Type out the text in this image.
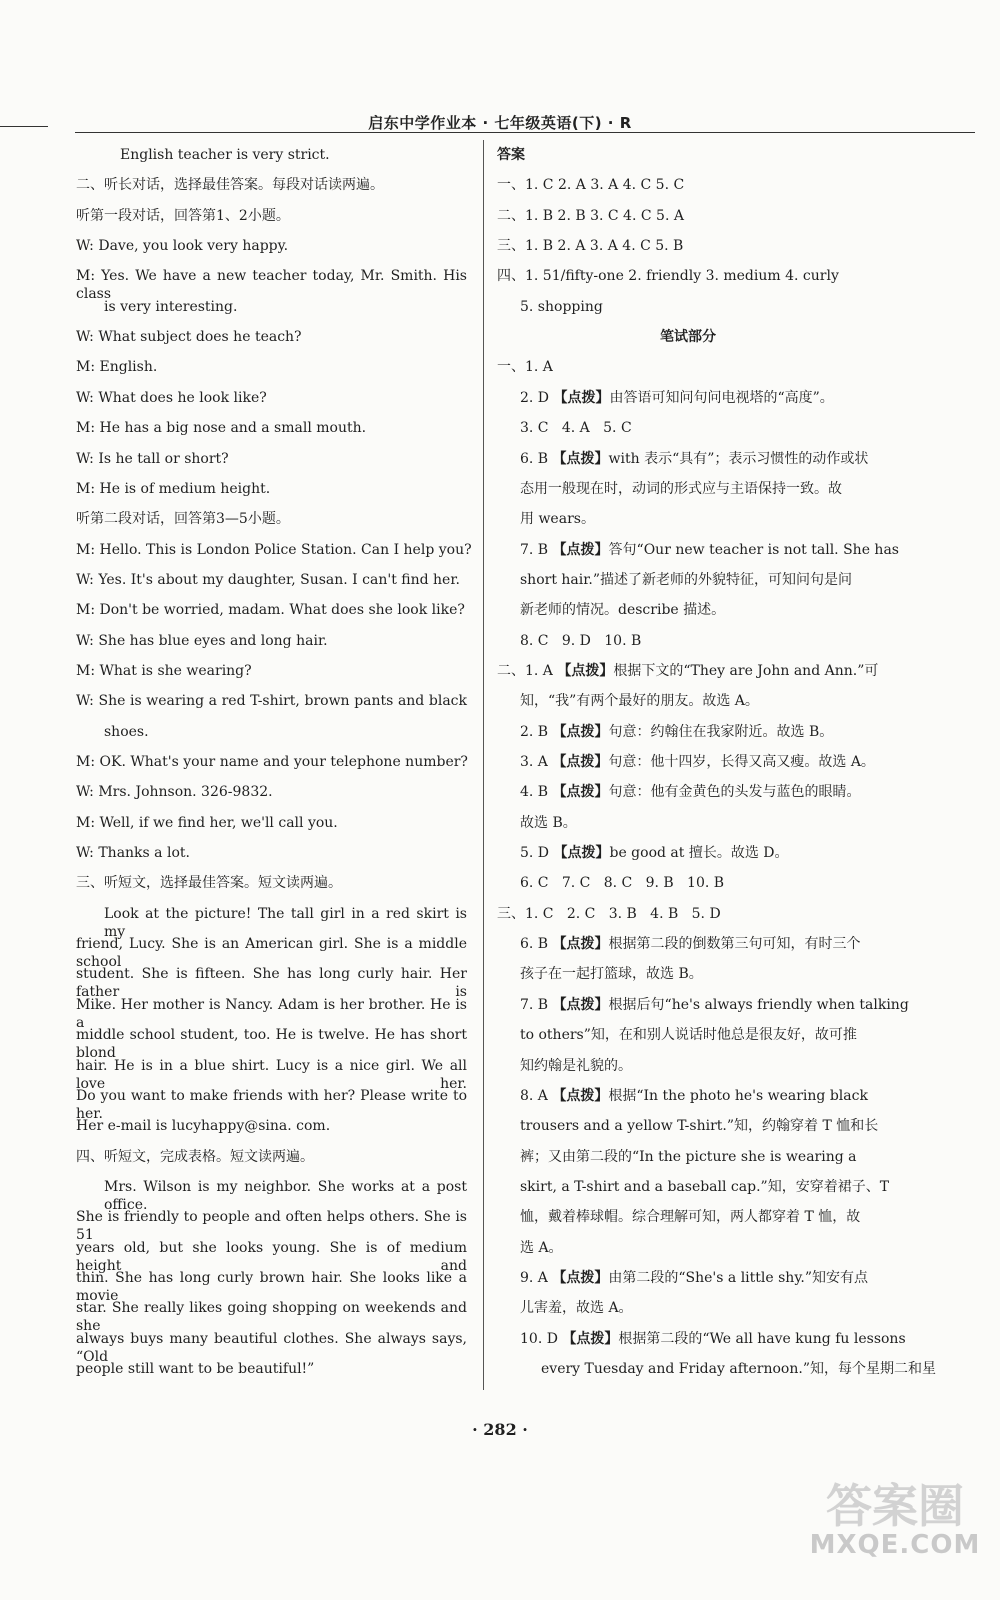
启东中学作业本 · 七年级英语(下) · R
English teacher is very strict.
二、听长对话，选择最佳答案。每段对话读两遍。
听第一段对话，回答第1、2小题。
W: Dave, you look very happy.
M: Yes. We have a new teacher today, Mr. Smith. His class
is very interesting.
W: What subject does he teach?
M: English.
W: What does he look like?
M: He has a big nose and a small mouth.
W: Is he tall or short?
M: He is of medium height.
听第二段对话，回答第3—5小题。
M: Hello. This is London Police Station. Can I help you?
W: Yes. It's about my daughter, Susan. I can't find her.
M: Don't be worried, madam. What does she look like?
W: She has blue eyes and long hair.
M: What is she wearing?
W: She is wearing a red T-shirt, brown pants and black
shoes.
M: OK. What's your name and your telephone number?
W: Mrs. Johnson. 326-9832.
M: Well, if we find her, we'll call you.
W: Thanks a lot.
三、听短文，选择最佳答案。短文读两遍。
Look at the picture! The tall girl in a red skirt is my
friend, Lucy. She is an American girl. She is a middle school
student. She is fifteen. She has long curly hair. Her father is
Mike. Her mother is Nancy. Adam is her brother. He is a
middle school student, too. He is twelve. He has short blond
hair. He is in a blue shirt. Lucy is a nice girl. We all love her.
Do you want to make friends with her? Please write to her.
Her e-mail is lucyhappy@sina. com.
四、听短文，完成表格。短文读两遍。
Mrs. Wilson is my neighbor. She works at a post office.
She is friendly to people and often helps others. She is 51
years old, but she looks young. She is of medium height and
thin. She has long curly brown hair. She looks like a movie
star. She really likes going shopping on weekends and she
always buys many beautiful clothes. She always says, “Old
people still want to be beautiful!”
答案
一、1. C 2. A 3. A 4. C 5. C
二、1. B 2. B 3. C 4. C 5. A
三、1. B 2. A 3. A 4. C 5. B
四、1. 51/fifty-one 2. friendly 3. medium 4. curly
5. shopping
笔试部分
一、1. A
2. D 【点拨】由答语可知问句问电视塔的“高度”。
3. C   4. A   5. C
6. B 【点拨】with 表示“具有”；表示习惯性的动作或状
态用一般现在时，动词的形式应与主语保持一致。故
用 wears。
7. B 【点拨】答句“Our new teacher is not tall. She has
short hair.”描述了新老师的外貌特征，可知问句是问
新老师的情况。describe 描述。
8. C   9. D   10. B
二、1. A 【点拨】根据下文的“They are John and Ann.”可
知，“我”有两个最好的朋友。故选 A。
2. B 【点拨】句意：约翰住在我家附近。故选 B。
3. A 【点拨】句意：他十四岁，长得又高又瘦。故选 A。
4. B 【点拨】句意：他有金黄色的头发与蓝色的眼睛。
故选 B。
5. D 【点拨】be good at 擅长。故选 D。
6. C   7. C   8. C   9. B   10. B
三、1. C   2. C   3. B   4. B   5. D
6. B 【点拨】根据第二段的倒数第三句可知，有时三个
孩子在一起打篮球，故选 B。
7. B 【点拨】根据后句“he's always friendly when talking
to others”知，在和别人说话时他总是很友好，故可推
知约翰是礼貌的。
8. A 【点拨】根据“In the photo he's wearing black
trousers and a yellow T-shirt.”知，约翰穿着 T 恤和长
裤；又由第二段的“In the picture she is wearing a
skirt, a T-shirt and a baseball cap.”知，安穿着裙子、T
恤，戴着棒球帽。综合理解可知，两人都穿着 T 恤，故
选 A。
9. A 【点拨】由第二段的“She's a little shy.”知安有点
儿害羞，故选 A。
10. D 【点拨】根据第二段的“We all have kung fu lessons
every Tuesday and Friday afternoon.”知，每个星期二和星
· 282 ·
答案圈
MXQE.COM
